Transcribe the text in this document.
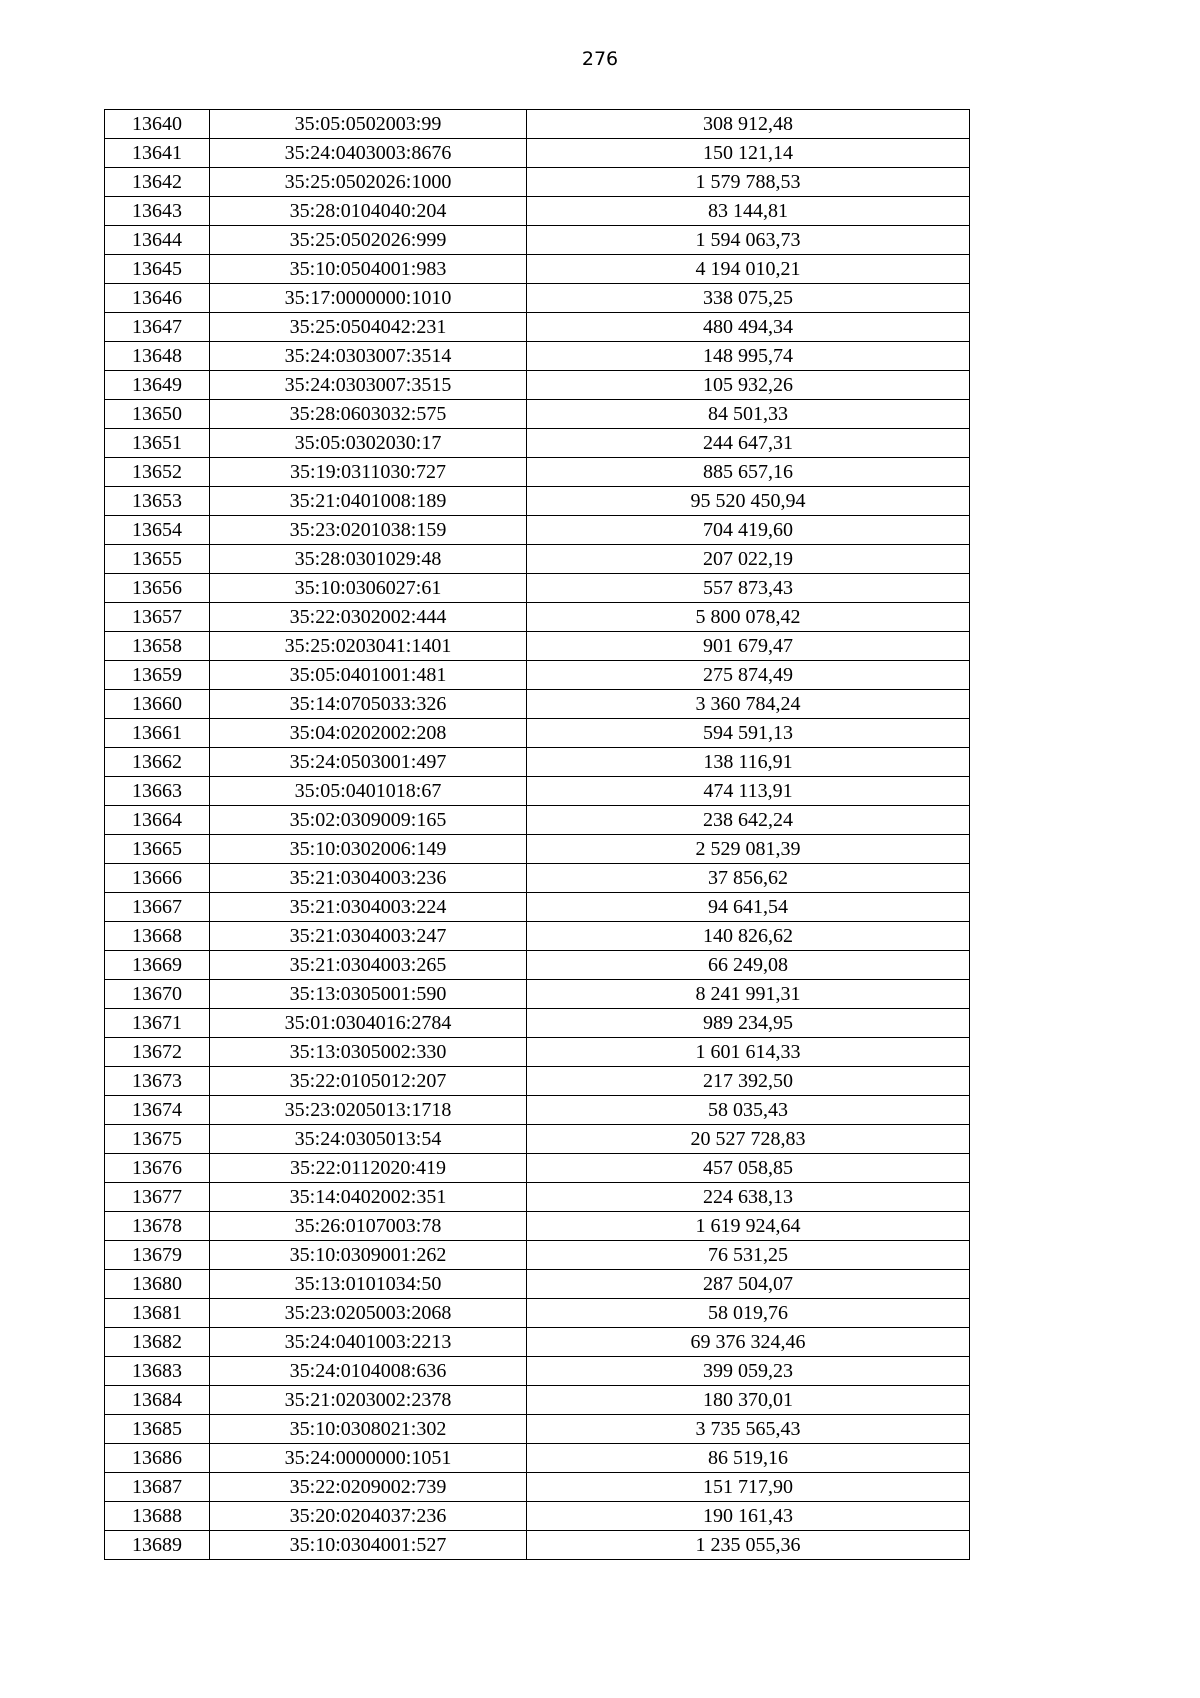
276
13640	35:05:0502003:99	308 912,48
13641	35:24:0403003:8676	150 121,14
13642	35:25:0502026:1000	1 579 788,53
13643	35:28:0104040:204	83 144,81
13644	35:25:0502026:999	1 594 063,73
13645	35:10:0504001:983	4 194 010,21
13646	35:17:0000000:1010	338 075,25
13647	35:25:0504042:231	480 494,34
13648	35:24:0303007:3514	148 995,74
13649	35:24:0303007:3515	105 932,26
13650	35:28:0603032:575	84 501,33
13651	35:05:0302030:17	244 647,31
13652	35:19:0311030:727	885 657,16
13653	35:21:0401008:189	95 520 450,94
13654	35:23:0201038:159	704 419,60
13655	35:28:0301029:48	207 022,19
13656	35:10:0306027:61	557 873,43
13657	35:22:0302002:444	5 800 078,42
13658	35:25:0203041:1401	901 679,47
13659	35:05:0401001:481	275 874,49
13660	35:14:0705033:326	3 360 784,24
13661	35:04:0202002:208	594 591,13
13662	35:24:0503001:497	138 116,91
13663	35:05:0401018:67	474 113,91
13664	35:02:0309009:165	238 642,24
13665	35:10:0302006:149	2 529 081,39
13666	35:21:0304003:236	37 856,62
13667	35:21:0304003:224	94 641,54
13668	35:21:0304003:247	140 826,62
13669	35:21:0304003:265	66 249,08
13670	35:13:0305001:590	8 241 991,31
13671	35:01:0304016:2784	989 234,95
13672	35:13:0305002:330	1 601 614,33
13673	35:22:0105012:207	217 392,50
13674	35:23:0205013:1718	58 035,43
13675	35:24:0305013:54	20 527 728,83
13676	35:22:0112020:419	457 058,85
13677	35:14:0402002:351	224 638,13
13678	35:26:0107003:78	1 619 924,64
13679	35:10:0309001:262	76 531,25
13680	35:13:0101034:50	287 504,07
13681	35:23:0205003:2068	58 019,76
13682	35:24:0401003:2213	69 376 324,46
13683	35:24:0104008:636	399 059,23
13684	35:21:0203002:2378	180 370,01
13685	35:10:0308021:302	3 735 565,43
13686	35:24:0000000:1051	86 519,16
13687	35:22:0209002:739	151 717,90
13688	35:20:0204037:236	190 161,43
13689	35:10:0304001:527	1 235 055,36
